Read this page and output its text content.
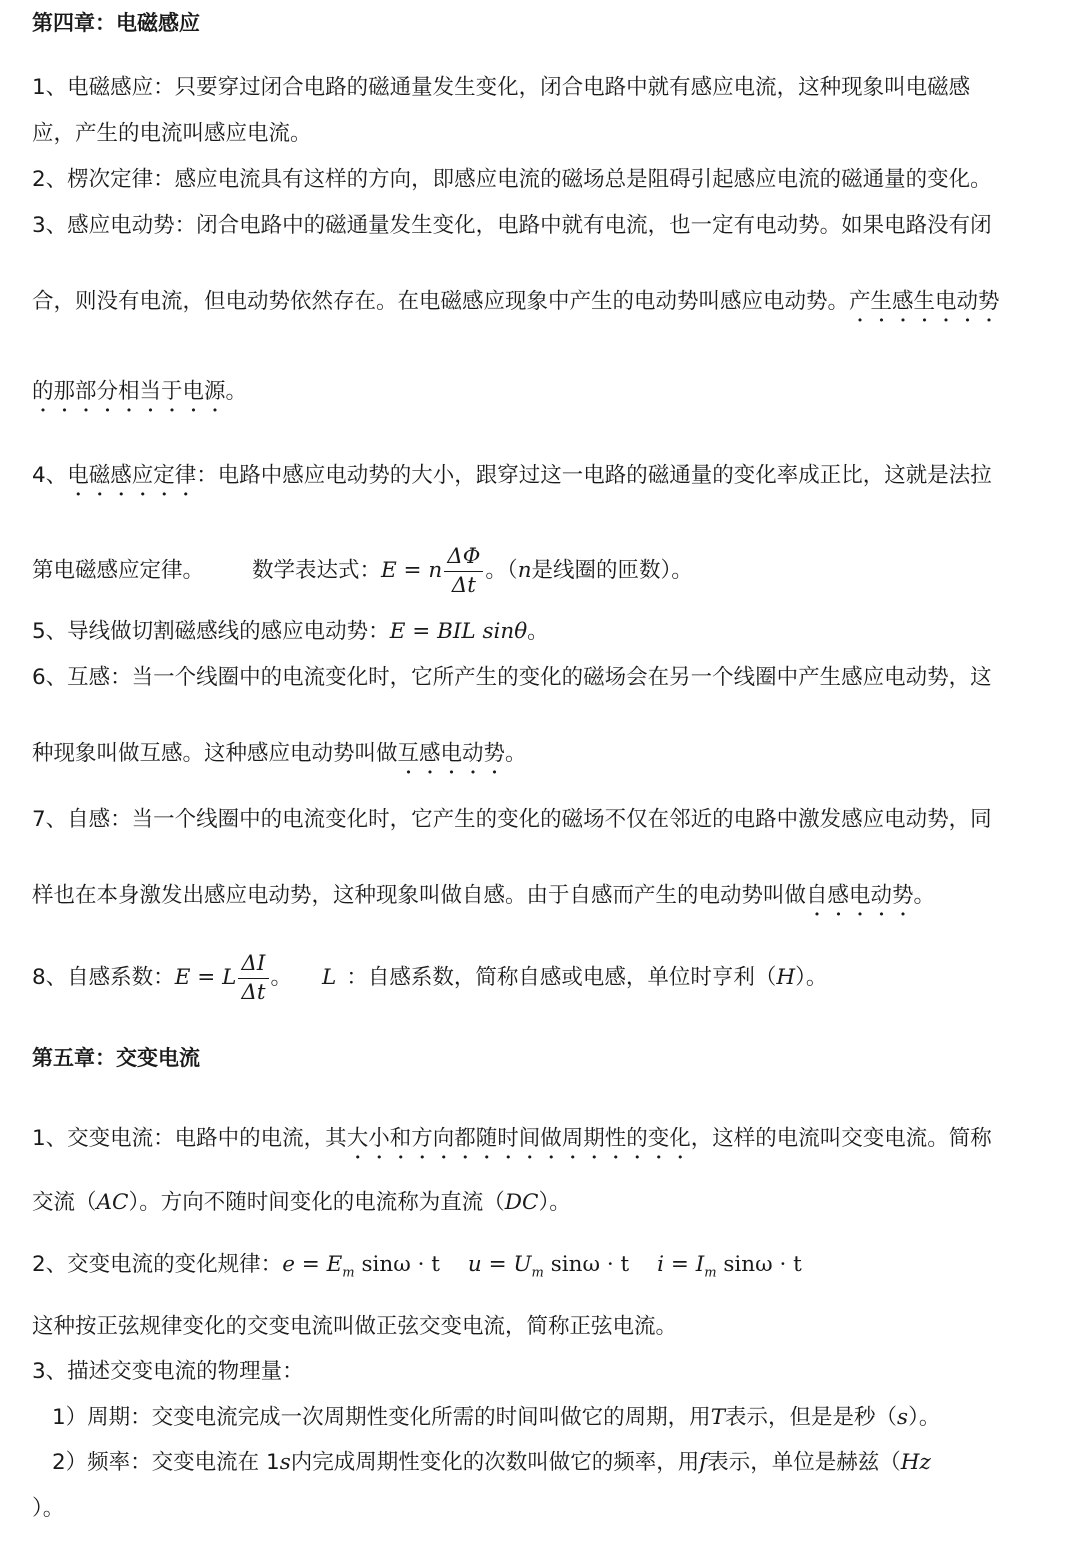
第四章：电磁感应
1、电磁感应：只要穿过闭合电路的磁通量发生变化，闭合电路中就有感应电流，这种现象叫电磁感
应，产生的电流叫感应电流。
2、楞次定律：感应电流具有这样的方向，即感应电流的磁场总是阻碍引起感应电流的磁通量的变化。
3、感应电动势：闭合电路中的磁通量发生变化，电路中就有电流，也一定有电动势。如果电路没有闭
合，则没有电流，但电动势依然存在。在电磁感应现象中产生的电动势叫感应电动势。产生感生电动势
的那部分相当于电源。
4、电磁感应定律：电路中感应电动势的大小，跟穿过这一电路的磁通量的变化率成正比，这就是法拉
第电磁感应定律。 数学表达式：E = n $\frac{\Delta\Phi}{\Delta t}$ 。（n是线圈的匝数）。
5、导线做切割磁感线的感应电动势：E = BIL sinθ。
6、互感：当一个线圈中的电流变化时，它所产生的变化的磁场会在另一个线圈中产生感应电动势，这
种现象叫做互感。这种感应电动势叫做互感电动势。
7、自感：当一个线圈中的电流变化时，它产生的变化的磁场不仅在邻近的电路中激发感应电动势，同
样也在本身激发出感应电动势，这种现象叫做自感。由于自感而产生的电动势叫做自感电动势。
8、自感系数：E = L $\frac{\Delta I}{\Delta t}$ 。 L ：自感系数，简称自感或电感，单位时亨利（H）。
第五章：交变电流
1、交变电流：电路中的电流，其大小和方向都随时间做周期性的变化，这样的电流叫交变电流。简称
交流（AC）。方向不随时间变化的电流称为直流（DC）。
2、交变电流的变化规律：$e = E_m$ sinω · t $u = U_m$ sinω · t $i = I_m$ sinω · t
这种按正弦规律变化的交变电流叫做正弦交变电流，简称正弦电流。
3、描述交变电流的物理量：
1）周期：交变电流完成一次周期性变化所需的时间叫做它的周期，用T表示，但是是秒（s）。
2）频率：交变电流在 1s内完成周期性变化的次数叫做它的频率，用f表示，单位是赫兹（Hz
）。
